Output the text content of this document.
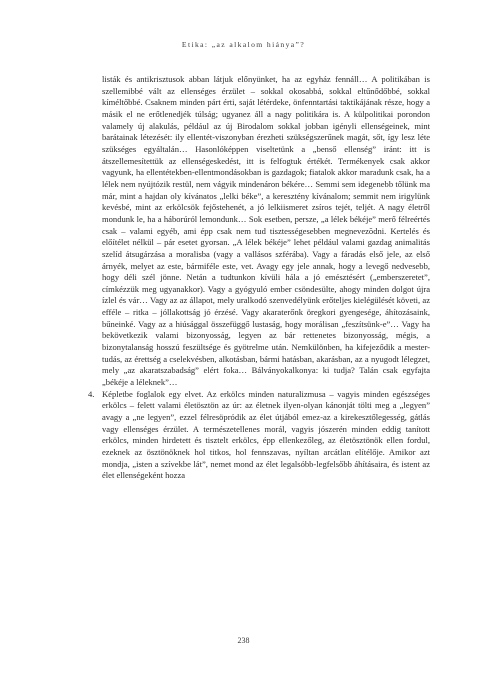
Etika: „az alkalom hiánya”?

listák és antikrisztusok abban látjuk előnyünket, ha az egyház fennáll… A politikában is szellemibbé vált az ellenséges érzület – sokkal okosabbá, sokkal eltűnődőbbé, sokkal kíméltőbbé. Csaknem minden párt érti, saját létérdeke, önfenntartási taktikájának része, hogy a másik el ne erőtlenedjék túlság; ugyanez áll a nagy politikára is. A külpolitikai porondon valamely új alakulás, például az új Birodalom sokkal jobban igényli ellenségeinek, mint barátainak létezését: ily ellentét-viszonyban érezheti szükségszerűnek magát, sőt, így lesz léte szükséges egyáltalán… Hasonlóképpen viseltetünk a „benső ellenség” iránt: itt is átszellemesítettük az ellenségeskedést, itt is felfogtuk értékét. Termékenyek csak akkor vagyunk, ha ellentétekben-ellentmondásokban is gazdagok; fiatalok akkor maradunk csak, ha a lélek nem nyújtózik restül, nem vágyik mindenáron békére… Semmi sem idegenebb tőlünk ma már, mint a hajdan oly kívánatos „lelki béke”, a keresztény kívánalom; semmit nem irigylünk kevésbé, mint az erkölcsök fejőstehenét, a jó lelkiismeret zsíros tejét, teljét. A nagy életről mondunk le, ha a háborúról lemondunk… Sok esetben, persze, „a lélek békéje” merő félreértés csak – valami egyéb, ami épp csak nem tud tisztességesebben megnevezõdni. Kertelés és előítélet nélkül – pár esetet gyorsan. „A lélek békéje” lehet például valami gazdag animalitás szelíd átsugárzása a moralisba (vagy a vallásos szférába). Vagy a fáradás első jele, az első árnyék, melyet az este, bármiféle este, vet. Avagy egy jele annak, hogy a levegő nedvesebb, hogy déli szél jönne. Netán a tudtunkon kívüli hála a jó emésztésért („emberszeretet”, címkézzük meg ugyanakkor). Vagy a gyógyuló ember csöndesülte, ahogy minden dolgot újra ízlel és vár… Vagy az az állapot, mely uralkodó szenvedélyünk erőteljes kielégülését követi, az efféle – ritka – jóllakottság jó érzésé. Vagy akaraterőnk öregkori gyengesége, áhítozásaink, bűneinké. Vagy az a hiúsággal összefüggő lustaság, hogy morálisan „feszítsünk-e”… Vagy ha bekövetkezik valami bizonyosság, legyen az bár rettenetes bizonyosság, mégis, a bizonytalanság hosszú feszültsége és gyötrelme után. Nemkülönben, ha kifejeződik a mester-tudás, az érettség a cselekvésben, alkotásban, bármi hatásban, akarásban, az a nyugodt lélegzet, mely „az akaratszabadság” elért foka… Bálványokalkonya: ki tudja? Talán csak egyfajta „békéje a léleknek”…

4. Képletbe foglalok egy elvet. Az erkölcs minden naturalizmusa – vagyis minden egészséges erkölcs – felett valami életösztön az úr: az életnek ilyen-olyan kánonját tölti meg a „legyen” avagy a „ne legyen”, ezzel félresöpródik az élet útjából emez-az a kirekesztőlegesség, gátlás vagy ellenséges érzület. A természetellenes morál, vagyis jószerén minden eddig tanított erkölcs, minden hirdetett és tisztelt erkölcs, épp ellenkezőleg, az életösztönök ellen fordul, ezeknek az ösztönöknek hol titkos, hol fennszavas, nyíltan arcátlan elítélője. Amikor azt mondja, „isten a szívekbe lát”, nemet mond az élet legalsóbb-legfelsőbb áhításaira, és istent az élet ellenségeként hozza

238
